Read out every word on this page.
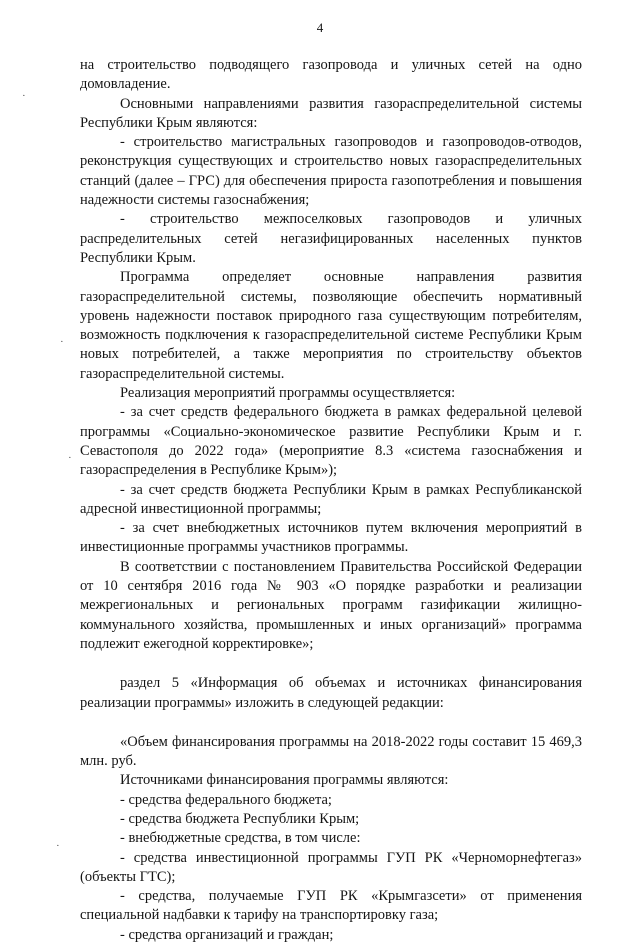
4

на строительство подводящего газопровода и уличных сетей на одно домовладение.

Основными направлениями развития газораспределительной системы Республики Крым являются:

- строительство магистральных газопроводов и газопроводов-отводов, реконструкция существующих и строительство новых газораспределительных станций (далее – ГРС) для обеспечения прироста газопотребления и повышения надежности системы газоснабжения;

- строительство межпоселковых газопроводов и уличных распределительных сетей негазифицированных населенных пунктов Республики Крым.

Программа определяет основные направления развития газораспределительной системы, позволяющие обеспечить нормативный уровень надежности поставок природного газа существующим потребителям, возможность подключения к газораспределительной системе Республики Крым новых потребителей, а также мероприятия по строительству объектов газораспределительной системы.

Реализация мероприятий программы осуществляется:

- за счет средств федерального бюджета в рамках федеральной целевой программы «Социально-экономическое развитие Республики Крым и г. Севастополя до 2022 года» (мероприятие 8.3 «система газоснабжения и газораспределения в Республике Крым»);

- за счет средств бюджета Республики Крым в рамках Республиканской адресной инвестиционной программы;

- за счет внебюджетных источников путем включения мероприятий в инвестиционные программы участников программы.

В соответствии с постановлением Правительства Российской Федерации от 10 сентября 2016 года № 903 «О порядке разработки и реализации межрегиональных и региональных программ газификации жилищно-коммунального хозяйства, промышленных и иных организаций» программа подлежит ежегодной корректировке»;

раздел 5 «Информация об объемах и источниках финансирования реализации программы» изложить в следующей редакции:

«Объем финансирования программы на 2018-2022 годы составит 15 469,3 млн. руб.

Источниками финансирования программы являются:

- средства федерального бюджета;

- средства бюджета Республики Крым;

- внебюджетные средства, в том числе:

- средства инвестиционной программы ГУП РК «Черноморнефтегаз» (объекты ГТС);

- средства, получаемые ГУП РК «Крымгазсети» от применения специальной надбавки к тарифу на транспортировку газа;

- средства организаций и граждан;

·
·
·
·
